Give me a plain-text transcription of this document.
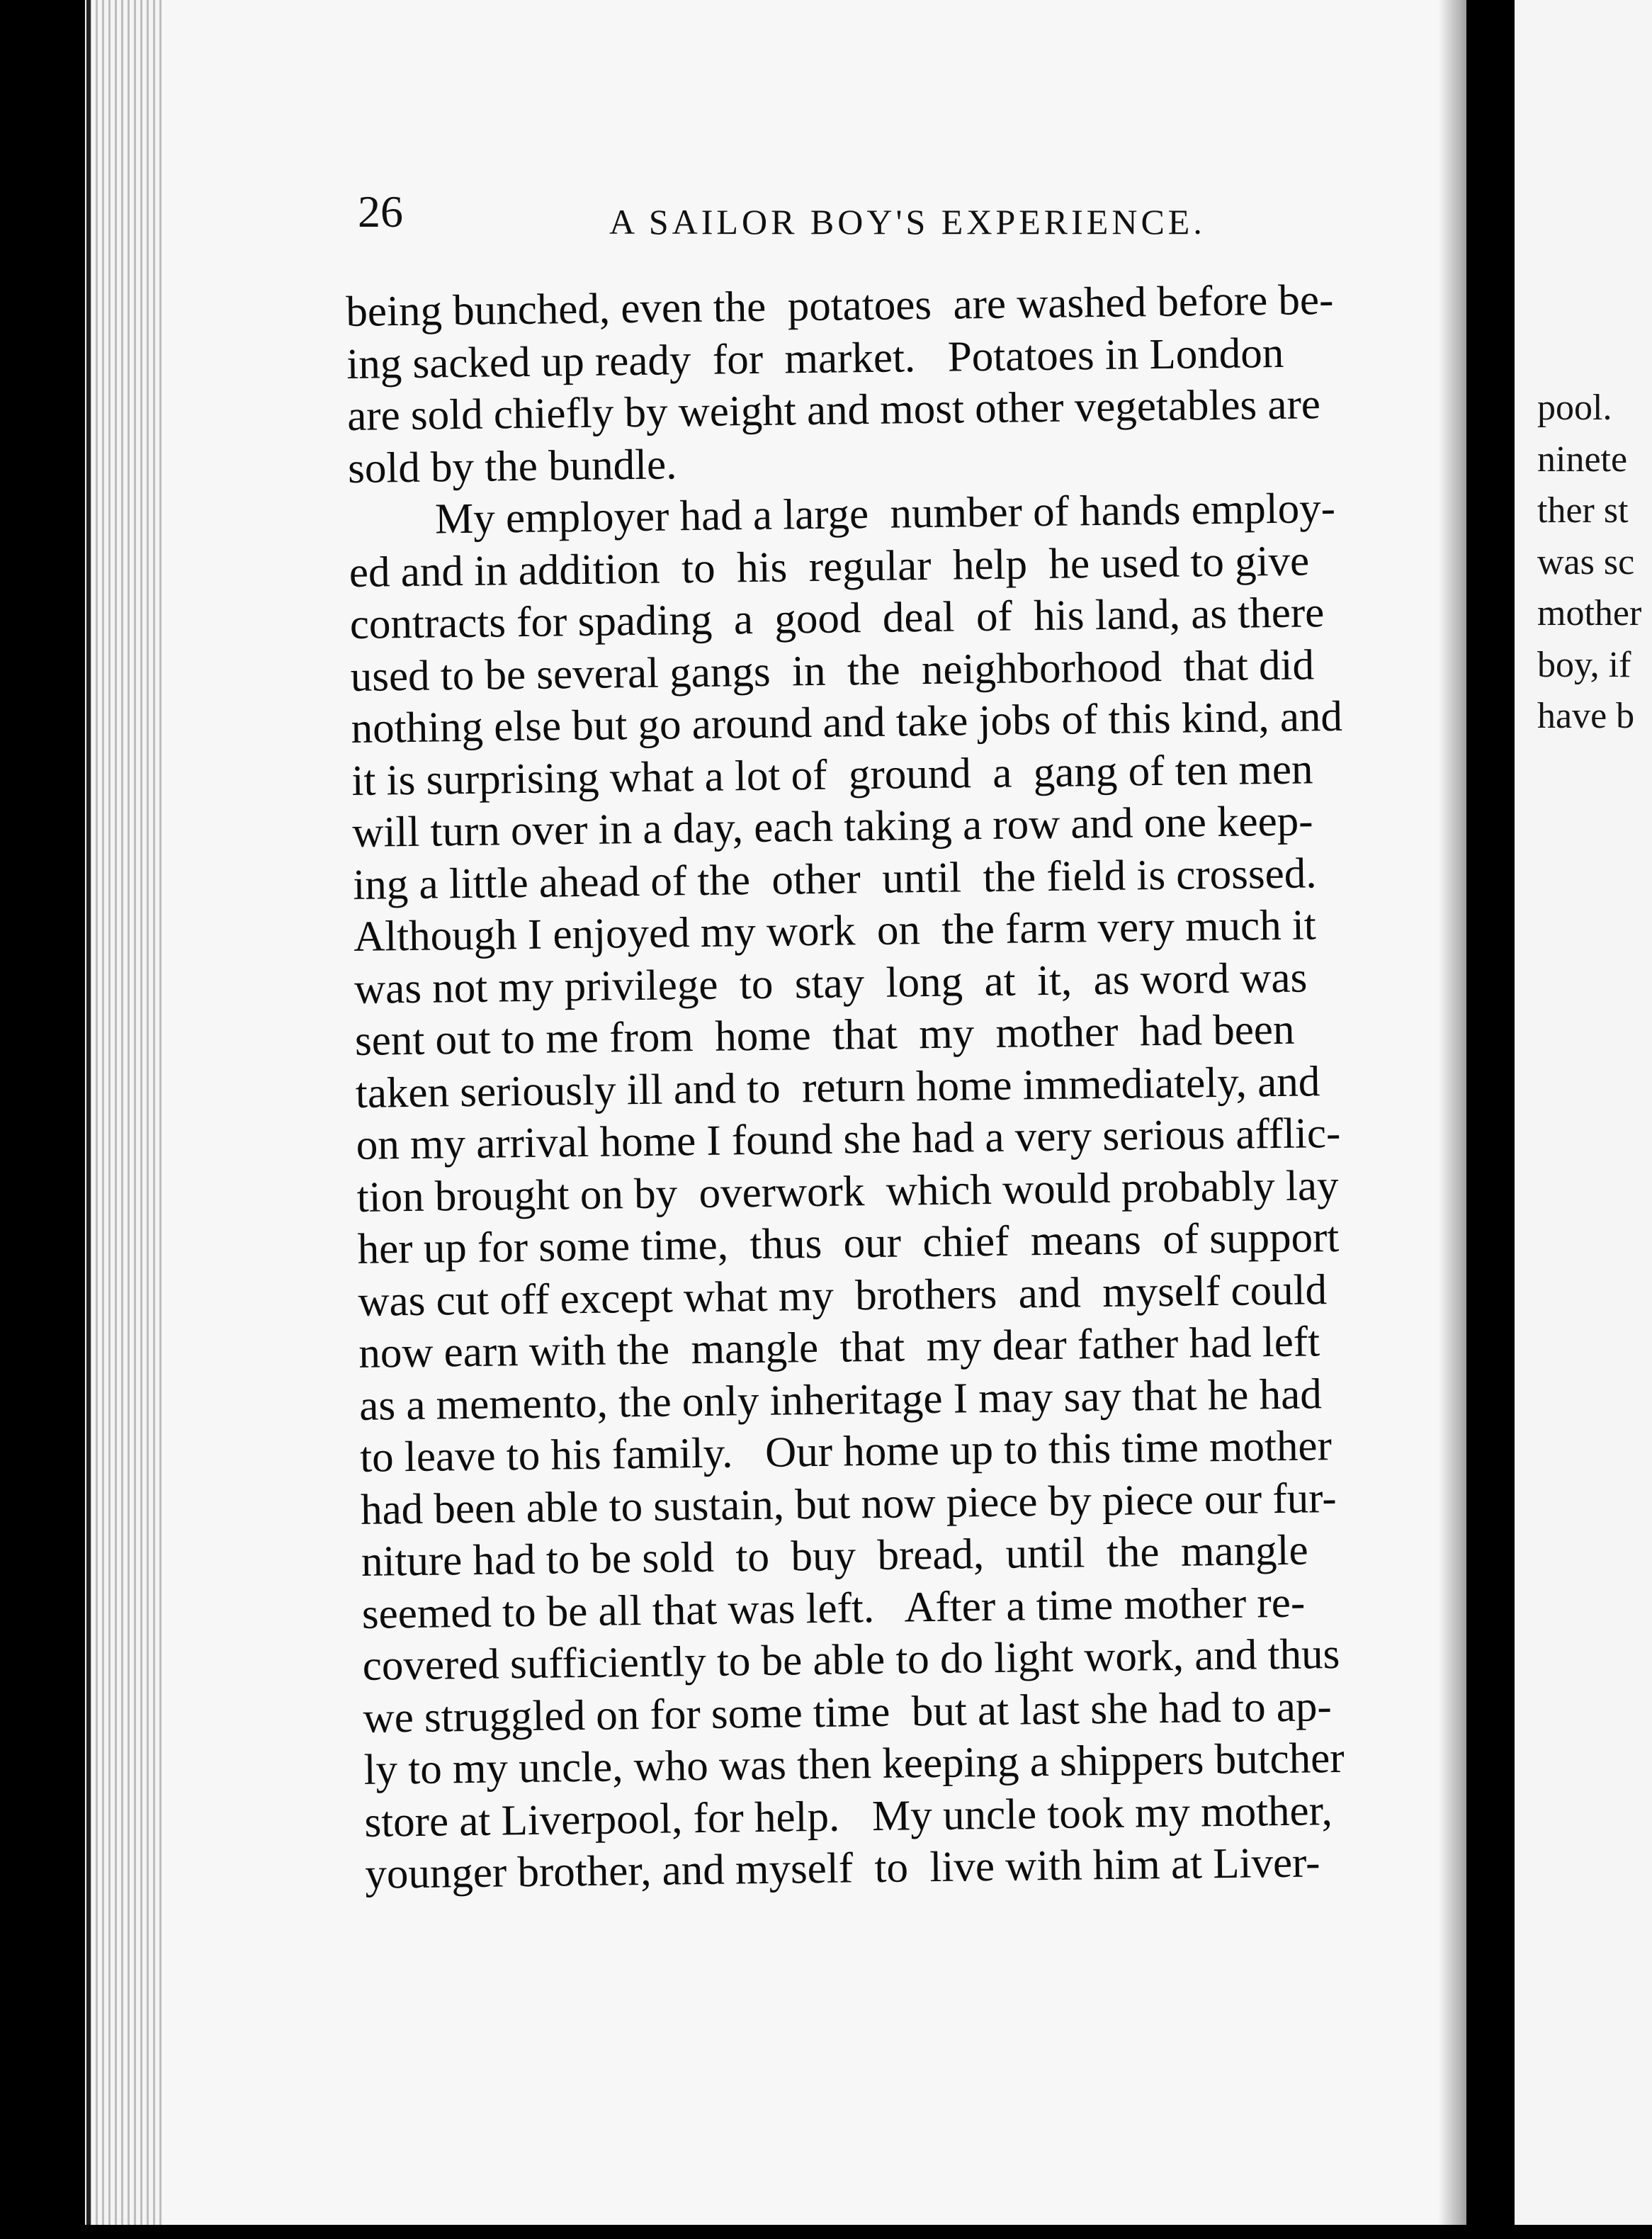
26	A SAILOR BOY'S EXPERIENCE.

being bunched, even the  potatoes  are washed before be-
ing sacked up ready  for  market.   Potatoes in London
are sold chiefly by weight and most other vegetables are
sold by the bundle.

My employer had a large  number of hands employ-
ed and in addition  to  his  regular  help  he used to give
contracts for spading  a  good  deal  of  his land, as there
used to be several gangs  in  the  neighborhood  that did
nothing else but go around and take jobs of this kind, and
it is surprising what a lot of  ground  a  gang of ten men
will turn over in a day, each taking a row and one keep-
ing a little ahead of the  other  until  the field is crossed.
Although I enjoyed my work  on  the farm very much it
was not my privilege  to  stay  long  at  it,  as word was
sent out to me from  home  that  my  mother  had been
taken seriously ill and to  return home immediately, and
on my arrival home I found she had a very serious afflic-
tion brought on by  overwork  which would probably lay
her up for some time,  thus  our  chief  means  of support
was cut off except what my  brothers  and  myself could
now earn with the  mangle  that  my dear father had left
as a memento, the only inheritage I may say that he had
to leave to his family.   Our home up to this time mother
had been able to sustain, but now piece by piece our fur-
niture had to be sold  to  buy  bread,  until  the  mangle
seemed to be all that was left.   After a time mother re-
covered sufficiently to be able to do light work, and thus
we struggled on for some time  but at last she had to ap-
ly to my uncle, who was then keeping a shippers butcher
store at Liverpool, for help.   My uncle took my mother,
younger brother, and myself  to  live with him at Liver-

pool.
ninete
ther st
was sc
mother
boy, if
have b
